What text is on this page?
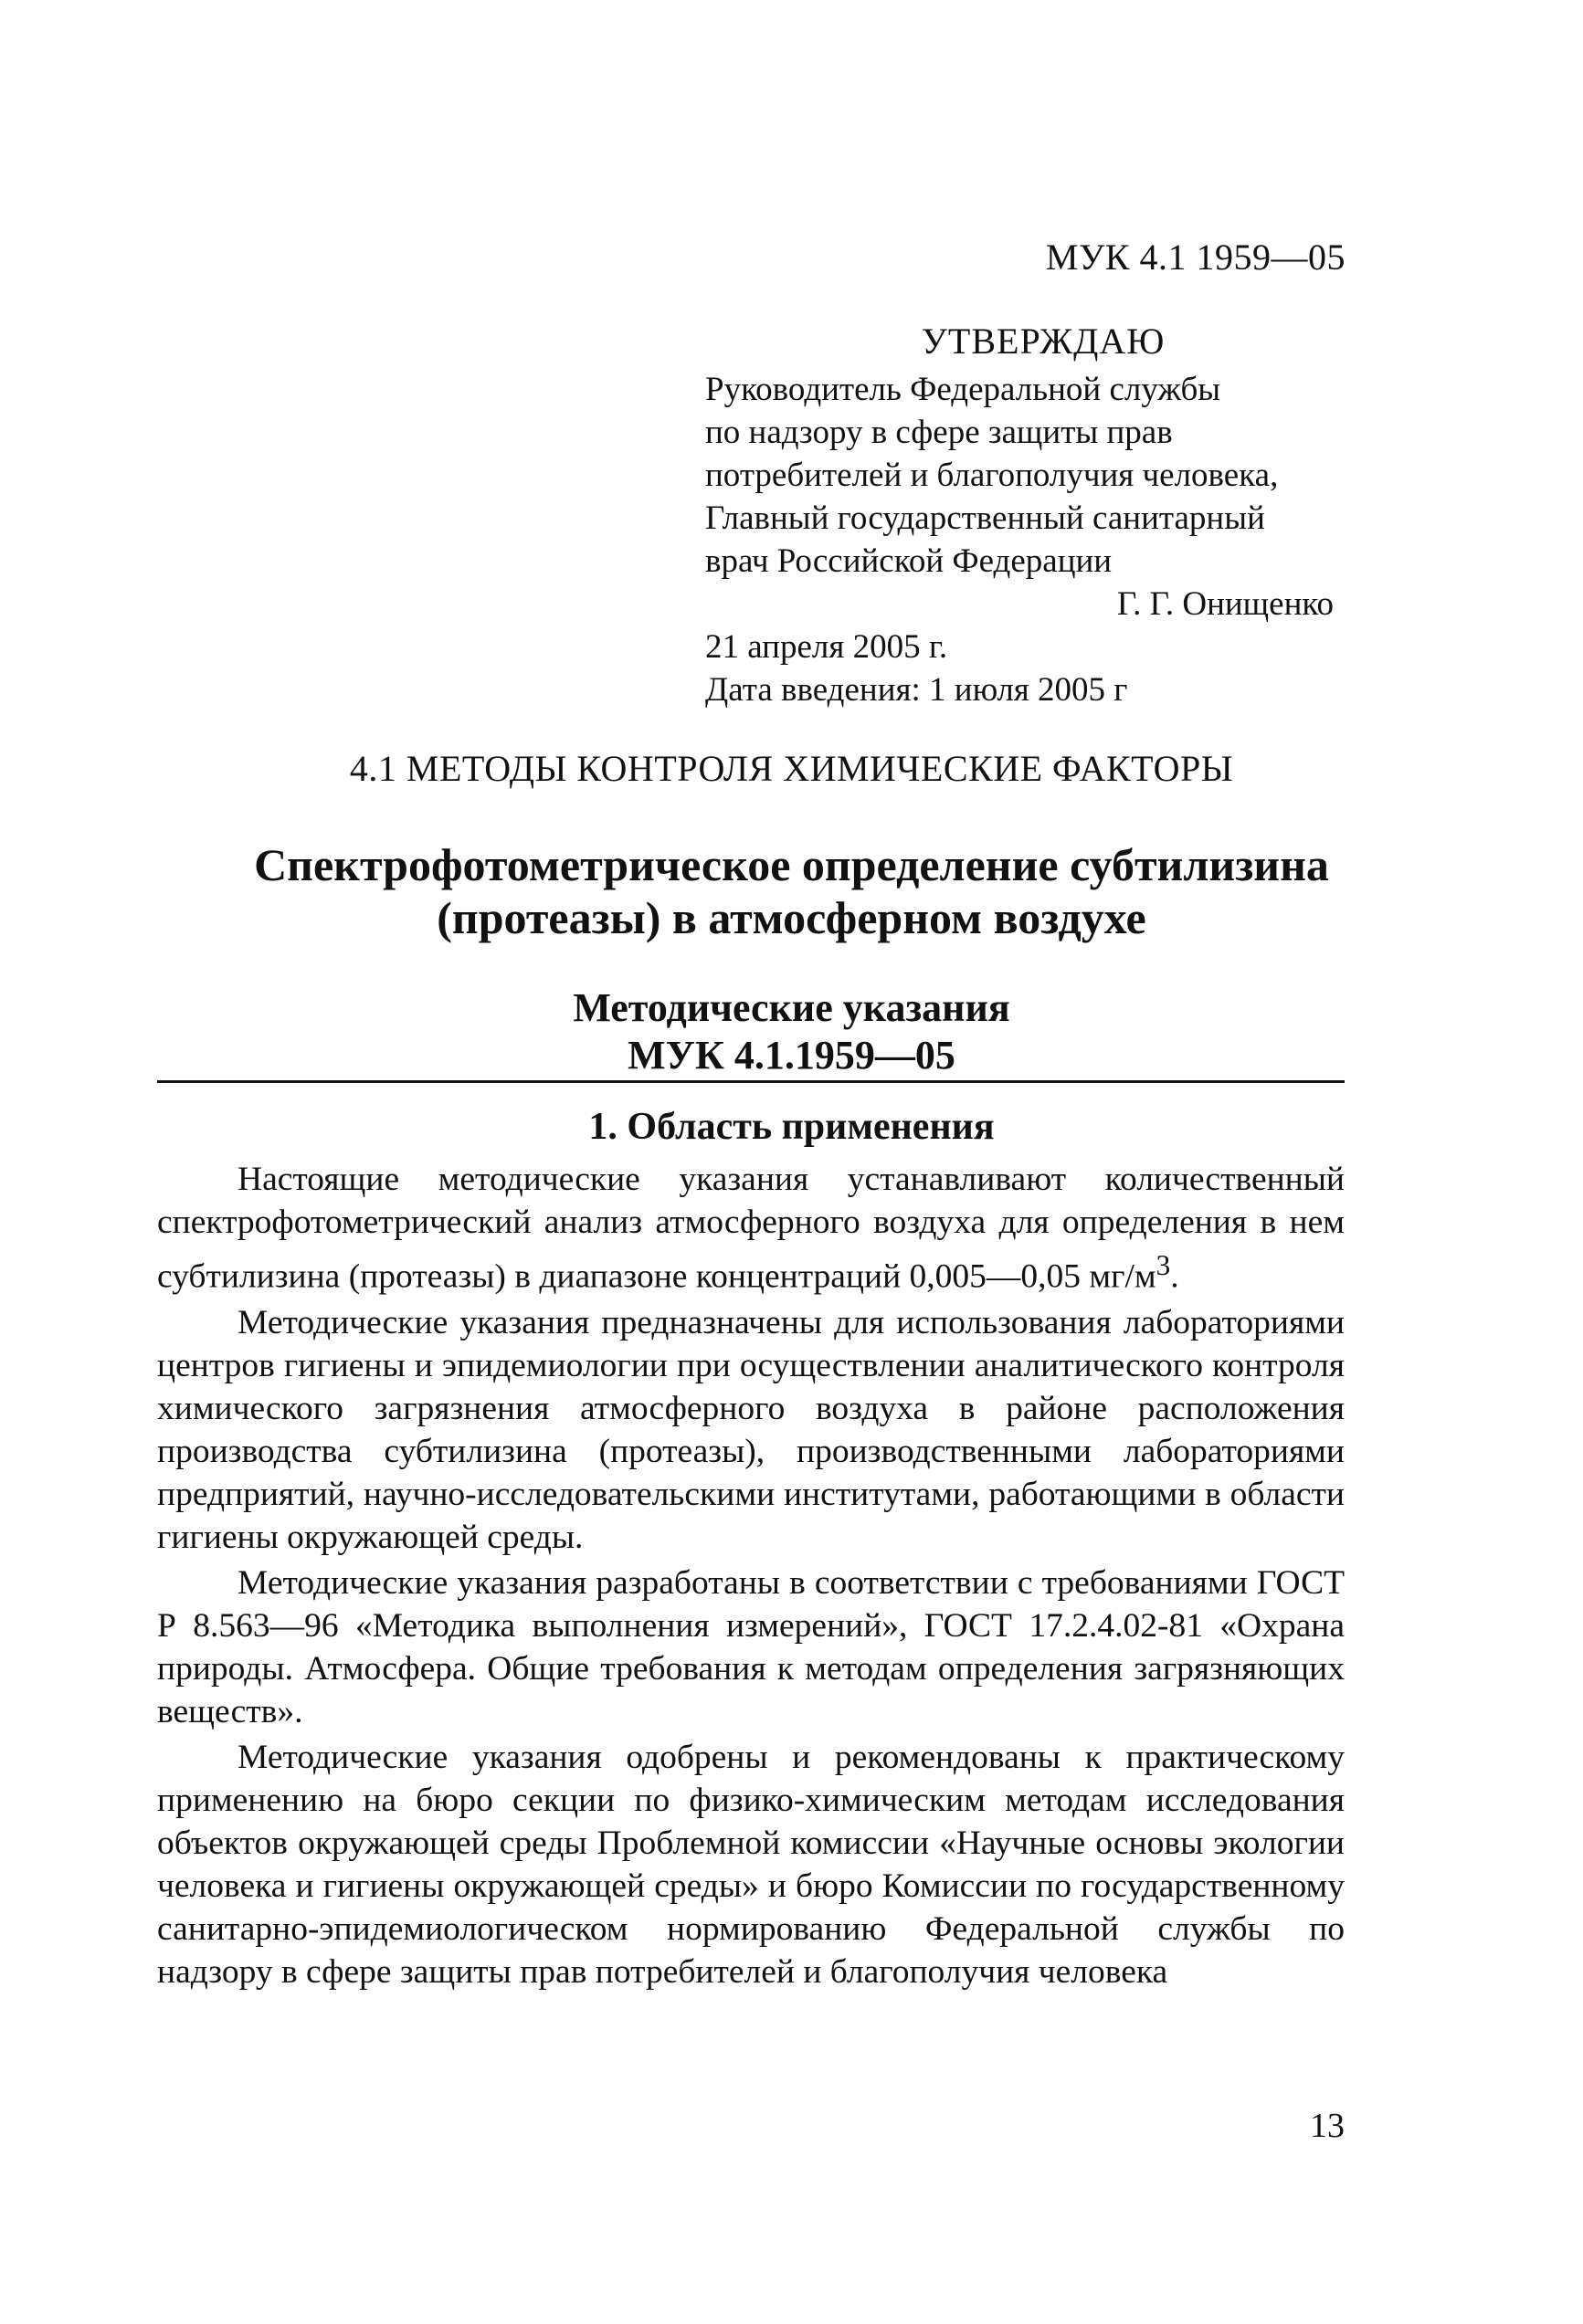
МУК 4.1 1959—05
УТВЕРЖДАЮ
Руководитель Федеральной службы
по надзору в сфере защиты прав
потребителей и благополучия человека,
Главный государственный санитарный
врач Российской Федерации
Г. Г. Онищенко
21 апреля 2005 г.
Дата введения: 1 июля 2005 г
4.1 МЕТОДЫ КОНТРОЛЯ ХИМИЧЕСКИЕ ФАКТОРЫ
Спектрофотометрическое определение субтилизина
(протеазы) в атмосферном воздухе
Методические указания
МУК 4.1.1959—05
1. Область применения

Настоящие методические указания устанавливают количественный спектрофотометрический анализ атмосферного воздуха для определения в нем субтилизина (протеазы) в диапазоне концентраций 0,005—0,05 $мг/м^3$.

Методические указания предназначены для использования лабораториями центров гигиены и эпидемиологии при осуществлении аналитического контроля химического загрязнения атмосферного воздуха в районе расположения производства субтилизина (протеазы), производственными лабораториями предприятий, научно-исследовательскими институтами, работающими в области гигиены окружающей среды.

Методические указания разработаны в соответствии с требованиями ГОСТ Р 8.563—96 «Методика выполнения измерений», ГОСТ 17.2.4.02-81 «Охрана природы. Атмосфера. Общие требования к методам определения загрязняющих веществ».

Методические указания одобрены и рекомендованы к практическому применению на бюро секции по физико-химическим методам исследования объектов окружающей среды Проблемной комиссии «Научные основы экологии человека и гигиены окружающей среды» и бюро Комиссии по государственному санитарно-эпидемиологическом нормированию Федеральной службы по надзору в сфере защиты прав потребителей и благополучия человека

13
